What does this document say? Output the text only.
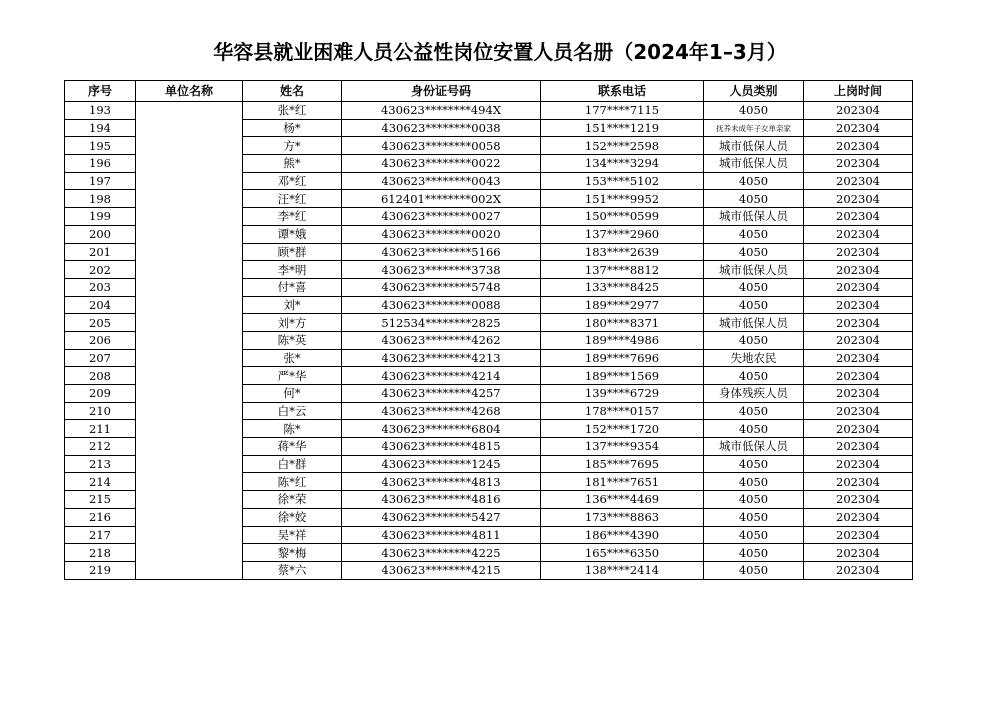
华容县就业困难人员公益性岗位安置人员名册（2024年1–3月）
序号	单位名称	姓名	身份证号码	联系电话	人员类别	上岗时间
193		张*红	430623********494X	177****7115	4050	202304
194		杨*	430623********0038	151****1219	抚养未成年子女单亲家	202304
195		方*	430623********0058	152****2598	城市低保人员	202304
196		熊*	430623********0022	134****3294	城市低保人员	202304
197		邓*红	430623********0043	153****5102	4050	202304
198		汪*红	612401********002X	151****9952	4050	202304
199		李*红	430623********0027	150****0599	城市低保人员	202304
200		谭*娥	430623********0020	137****2960	4050	202304
201		顾*群	430623********5166	183****2639	4050	202304
202		李*明	430623********3738	137****8812	城市低保人员	202304
203		付*喜	430623********5748	133****8425	4050	202304
204		刘*	430623********0088	189****2977	4050	202304
205		刘*方	512534********2825	180****8371	城市低保人员	202304
206		陈*英	430623********4262	189****4986	4050	202304
207		张*	430623********4213	189****7696	失地农民	202304
208		严*华	430623********4214	189****1569	4050	202304
209		何*	430623********4257	139****6729	身体残疾人员	202304
210		白*云	430623********4268	178****0157	4050	202304
211		陈*	430623********6804	152****1720	4050	202304
212		蒋*华	430623********4815	137****9354	城市低保人员	202304
213		白*群	430623********1245	185****7695	4050	202304
214		陈*红	430623********4813	181****7651	4050	202304
215		徐*荣	430623********4816	136****4469	4050	202304
216		徐*姣	430623********5427	173****8863	4050	202304
217		吴*祥	430623********4811	186****4390	4050	202304
218		黎*梅	430623********4225	165****6350	4050	202304
219		蔡*六	430623********4215	138****2414	4050	202304
